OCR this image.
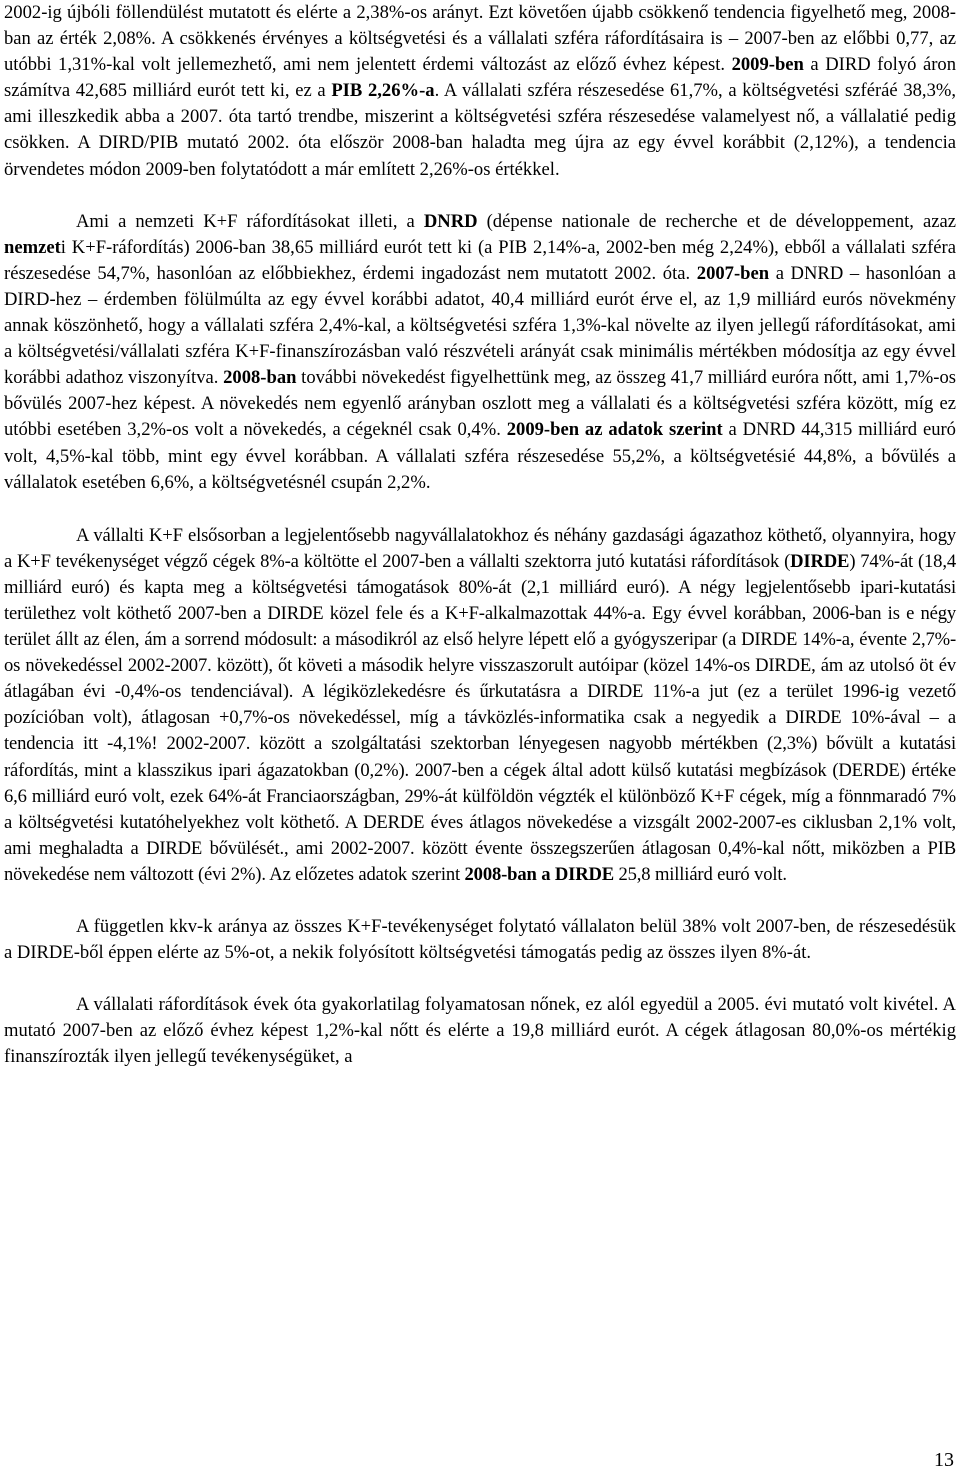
2002-ig újbóli föllendülést mutatott és elérte a 2,38%-os arányt. Ezt követően újabb csökkenő tendencia figyelhető meg, 2008-ban az érték 2,08%. A csökkenés érvényes a költségvetési és a vállalati szféra ráfordításaira is – 2007-ben az előbbi 0,77, az utóbbi 1,31%-kal volt jellemezhető, ami nem jelentett érdemi változást az előző évhez képest. 2009-ben a DIRD folyó áron számítva 42,685 milliárd eurót tett ki, ez a PIB 2,26%-a. A vállalati szféra részesedése 61,7%, a költségvetési szféráé 38,3%, ami illeszkedik abba a 2007. óta tartó trendbe, miszerint a költségvetési szféra részesedése valamelyest nő, a vállalatié pedig csökken. A DIRD/PIB mutató 2002. óta először 2008-ban haladta meg újra az egy évvel korábbit (2,12%), a tendencia örvendetes módon 2009-ben folytatódott a már említett 2,26%-os értékkel.

Ami a nemzeti K+F ráfordításokat illeti, a DNRD (dépense nationale de recherche et de développement, azaz nemzeti K+F-ráfordítás) 2006-ban 38,65 milliárd eurót tett ki (a PIB 2,14%-a, 2002-ben még 2,24%), ebből a vállalati szféra részesedése 54,7%, hasonlóan az előbbiekhez, érdemi ingadozást nem mutatott 2002. óta. 2007-ben a DNRD – hasonlóan a DIRD-hez – érdemben fölülmúlta az egy évvel korábbi adatot, 40,4 milliárd eurót érve el, az 1,9 milliárd eurós növekmény annak köszönhető, hogy a vállalati szféra 2,4%-kal, a költségvetési szféra 1,3%-kal növelte az ilyen jellegű ráfordításokat, ami a költségvetési/vállalati szféra K+F-finanszírozásban való részvételi arányát csak minimális mértékben módosítja az egy évvel korábbi adathoz viszonyítva. 2008-ban további növekedést figyelhettünk meg, az összeg 41,7 milliárd euróra nőtt, ami 1,7%-os bővülés 2007-hez képest. A növekedés nem egyenlő arányban oszlott meg a vállalati és a költségvetési szféra között, míg ez utóbbi esetében 3,2%-os volt a növekedés, a cégeknél csak 0,4%. 2009-ben az adatok szerint a DNRD 44,315 milliárd euró volt, 4,5%-kal több, mint egy évvel korábban. A vállalati szféra részesedése 55,2%, a költségvetésié 44,8%, a bővülés a vállalatok esetében 6,6%, a költségvetésnél csupán 2,2%.

A vállalti K+F elsősorban a legjelentősebb nagyvállalatokhoz és néhány gazdasági ágazathoz köthető, olyannyira, hogy a K+F tevékenységet végző cégek 8%-a költötte el 2007-ben a vállalti szektorra jutó kutatási ráfordítások (DIRDE) 74%-át (18,4 milliárd euró) és kapta meg a költségvetési támogatások 80%-át (2,1 milliárd euró). A négy legjelentősebb ipari-kutatási területhez volt köthető 2007-ben a DIRDE közel fele és a K+F-alkalmazottak 44%-a. Egy évvel korábban, 2006-ban is e négy terület állt az élen, ám a sorrend módosult: a másodikról az első helyre lépett elő a gyógyszeripar (a DIRDE 14%-a, évente 2,7%-os növekedéssel 2002-2007. között), őt követi a második helyre visszaszorult autóipar (közel 14%-os DIRDE, ám az utolsó öt év átlagában évi -0,4%-os tendenciával). A légiközlekedésre és űrkutatásra a DIRDE 11%-a jut (ez a terület 1996-ig vezető pozícióban volt), átlagosan +0,7%-os növekedéssel, míg a távközlés-informatika csak a negyedik a DIRDE 10%-ával – a tendencia itt -4,1%! 2002-2007. között a szolgáltatási szektorban lényegesen nagyobb mértékben (2,3%) bővült a kutatási ráfordítás, mint a klasszikus ipari ágazatokban (0,2%). 2007-ben a cégek által adott külső kutatási megbízások (DERDE) értéke 6,6 milliárd euró volt, ezek 64%-át Franciaországban, 29%-át külföldön végzték el különböző K+F cégek, míg a fönnmaradó 7% a költségvetési kutatóhelyekhez volt köthető. A DERDE éves átlagos növekedése a vizsgált 2002-2007-es ciklusban 2,1% volt, ami meghaladta a DIRDE bővülését., ami 2002-2007. között évente összegszerűen átlagosan 0,4%-kal nőtt, miközben a PIB növekedése nem változott (évi 2%). Az előzetes adatok szerint 2008-ban a DIRDE 25,8 milliárd euró volt.

A független kkv-k aránya az összes K+F-tevékenységet folytató vállalaton belül 38% volt 2007-ben, de részesedésük a DIRDE-ből éppen elérte az 5%-ot, a nekik folyósított költségvetési támogatás pedig az összes ilyen 8%-át.

A vállalati ráfordítások évek óta gyakorlatilag folyamatosan nőnek, ez alól egyedül a 2005. évi mutató volt kivétel. A mutató 2007-ben az előző évhez képest 1,2%-kal nőtt és elérte a 19,8 milliárd eurót. A cégek átlagosan 80,0%-os mértékig finanszírozták ilyen jellegű tevékenységüket, a

13
